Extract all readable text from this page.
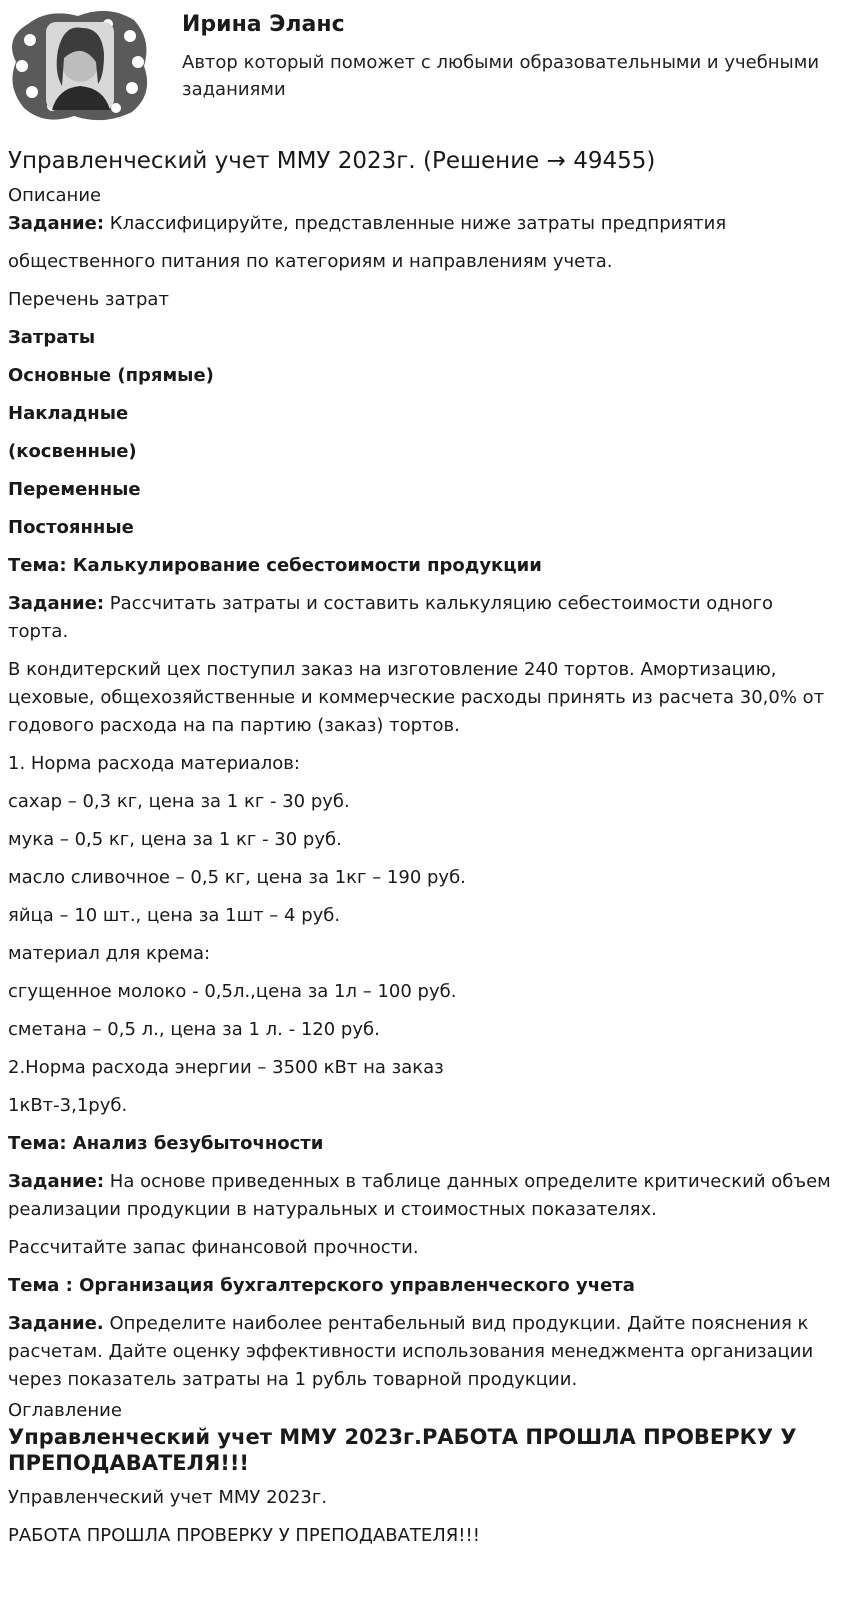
Ирина Эланс
Автор который поможет с любыми образовательными и учебными заданиями
Управленческий учет ММУ 2023г. (Решение → 49455)
Описание

Задание: Классифицируйте, представленные ниже затраты предприятия

общественного питания по категориям и направлениям учета.

Перечень затрат

Затраты

Основные (прямые)

Накладные

(косвенные)

Переменные

Постоянные

Тема: Калькулирование себестоимости продукции

Задание: Рассчитать затраты и составить калькуляцию себестоимости одного торта.

В кондитерский цех поступил заказ на изготовление 240 тортов. Амортизацию, цеховые, общехозяйственные и коммерческие расходы принять из расчета 30,0% от годового расхода на па партию (заказ) тортов.

1. Норма расхода материалов:

сахар – 0,3 кг, цена за 1 кг - 30 руб.

мука – 0,5 кг, цена за 1 кг - 30 руб.

масло сливочное – 0,5 кг, цена за 1кг – 190 руб.

яйца – 10 шт., цена за 1шт – 4 руб.

материал для крема:

сгущенное молоко - 0,5л.,цена за 1л – 100 руб.

сметана – 0,5 л., цена за 1 л. - 120 руб.

2.Норма расхода энергии – 3500 кВт на заказ

1кВт-3,1руб.

Тема: Анализ безубыточности

Задание: На основе приведенных в таблице данных определите критический объем реализации продукции в натуральных и стоимостных показателях.

Рассчитайте запас финансовой прочности.

Тема : Организация бухгалтерского управленческого учета

Задание. Определите наиболее рентабельный вид продукции. Дайте пояснения к расчетам. Дайте оценку эффективности использования менеджмента организации через показатель затраты на 1 рубль товарной продукции.

Оглавление
Управленческий учет ММУ 2023г.РАБОТА ПРОШЛА ПРОВЕРКУ У ПРЕПОДАВАТЕЛЯ!!!

Управленческий учет ММУ 2023г.

РАБОТА ПРОШЛА ПРОВЕРКУ У ПРЕПОДАВАТЕЛЯ!!!
